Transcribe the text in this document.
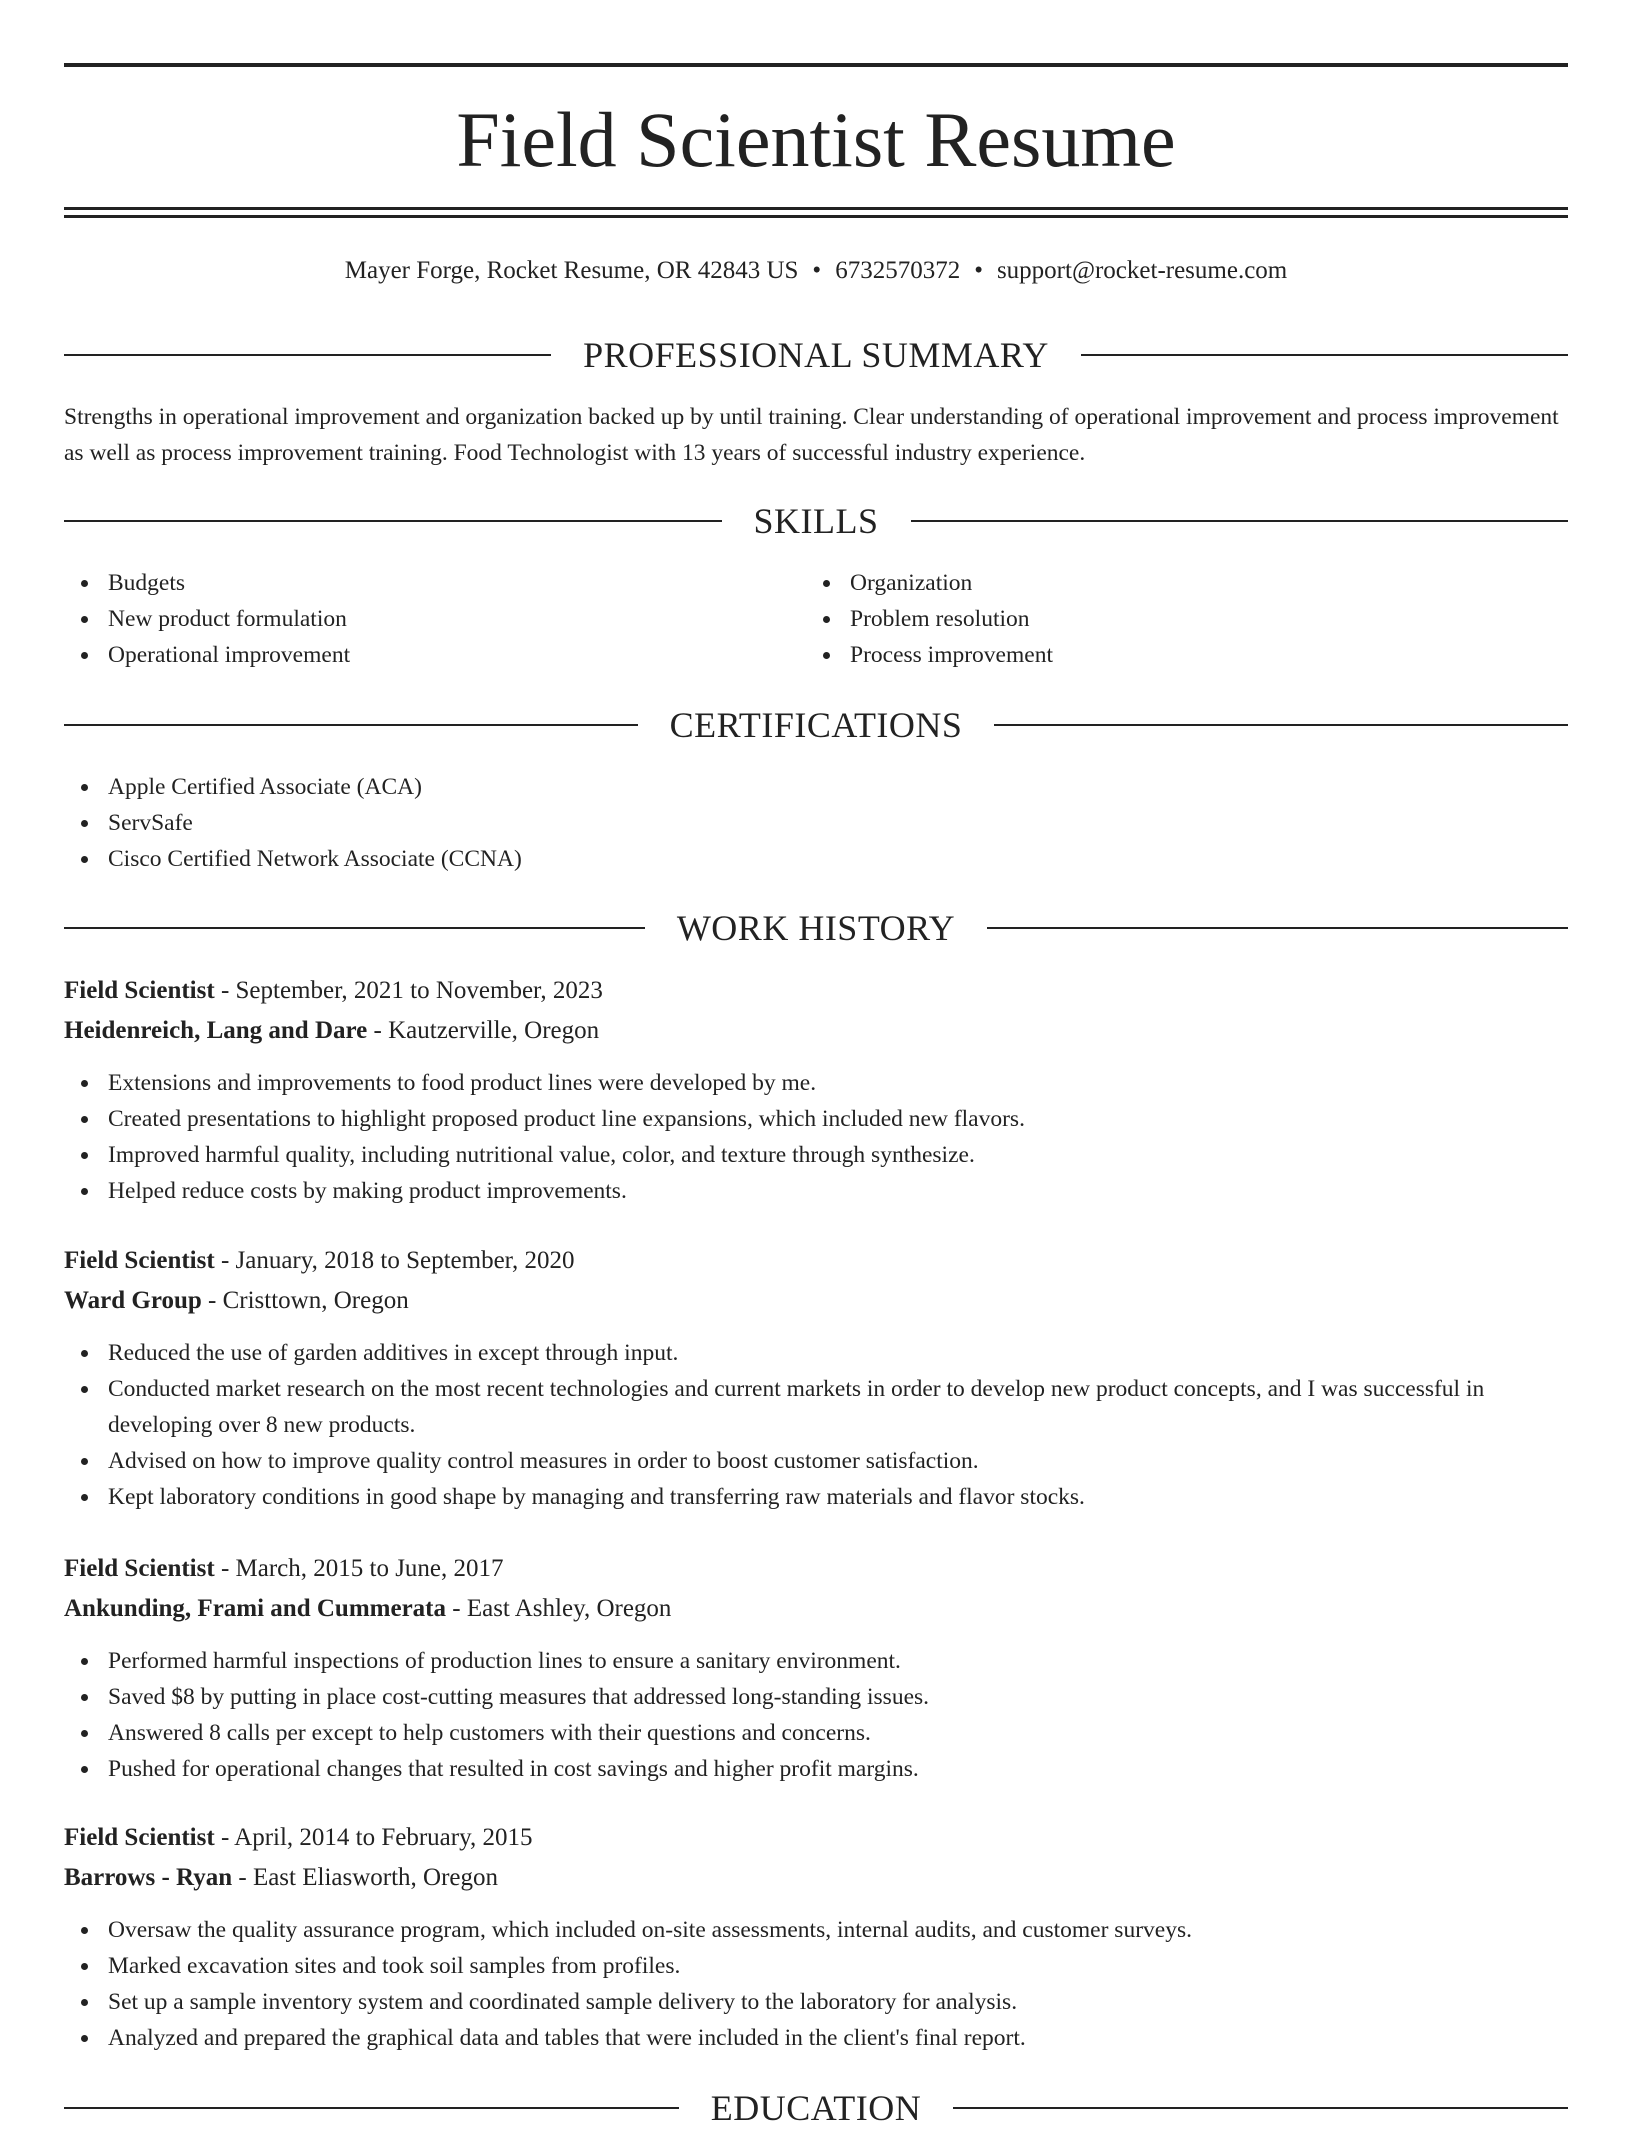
Field Scientist Resume
Mayer Forge, Rocket Resume, OR 42843 US • 6732570372 • support@rocket-resume.com
PROFESSIONAL SUMMARY

Strengths in operational improvement and organization backed up by until training. Clear understanding of operational improvement and process improvement as well as process improvement training. Food Technologist with 13 years of successful industry experience.

SKILLS
Budgets
New product formulation
Operational improvement
Organization
Problem resolution
Process improvement
CERTIFICATIONS
Apple Certified Associate (ACA)
ServSafe
Cisco Certified Network Associate (CCNA)
WORK HISTORY
Field Scientist - September, 2021 to November, 2023
Heidenreich, Lang and Dare - Kautzerville, Oregon
Extensions and improvements to food product lines were developed by me.
Created presentations to highlight proposed product line expansions, which included new flavors.
Improved harmful quality, including nutritional value, color, and texture through synthesize.
Helped reduce costs by making product improvements.
Field Scientist - January, 2018 to September, 2020
Ward Group - Cristtown, Oregon
Reduced the use of garden additives in except through input.
Conducted market research on the most recent technologies and current markets in order to develop new product concepts, and I was successful in developing over 8 new products.
Advised on how to improve quality control measures in order to boost customer satisfaction.
Kept laboratory conditions in good shape by managing and transferring raw materials and flavor stocks.
Field Scientist - March, 2015 to June, 2017
Ankunding, Frami and Cummerata - East Ashley, Oregon
Performed harmful inspections of production lines to ensure a sanitary environment.
Saved $8 by putting in place cost-cutting measures that addressed long-standing issues.
Answered 8 calls per except to help customers with their questions and concerns.
Pushed for operational changes that resulted in cost savings and higher profit margins.
Field Scientist - April, 2014 to February, 2015
Barrows - Ryan - East Eliasworth, Oregon
Oversaw the quality assurance program, which included on-site assessments, internal audits, and customer surveys.
Marked excavation sites and took soil samples from profiles.
Set up a sample inventory system and coordinated sample delivery to the laboratory for analysis.
Analyzed and prepared the graphical data and tables that were included in the client's final report.
EDUCATION
